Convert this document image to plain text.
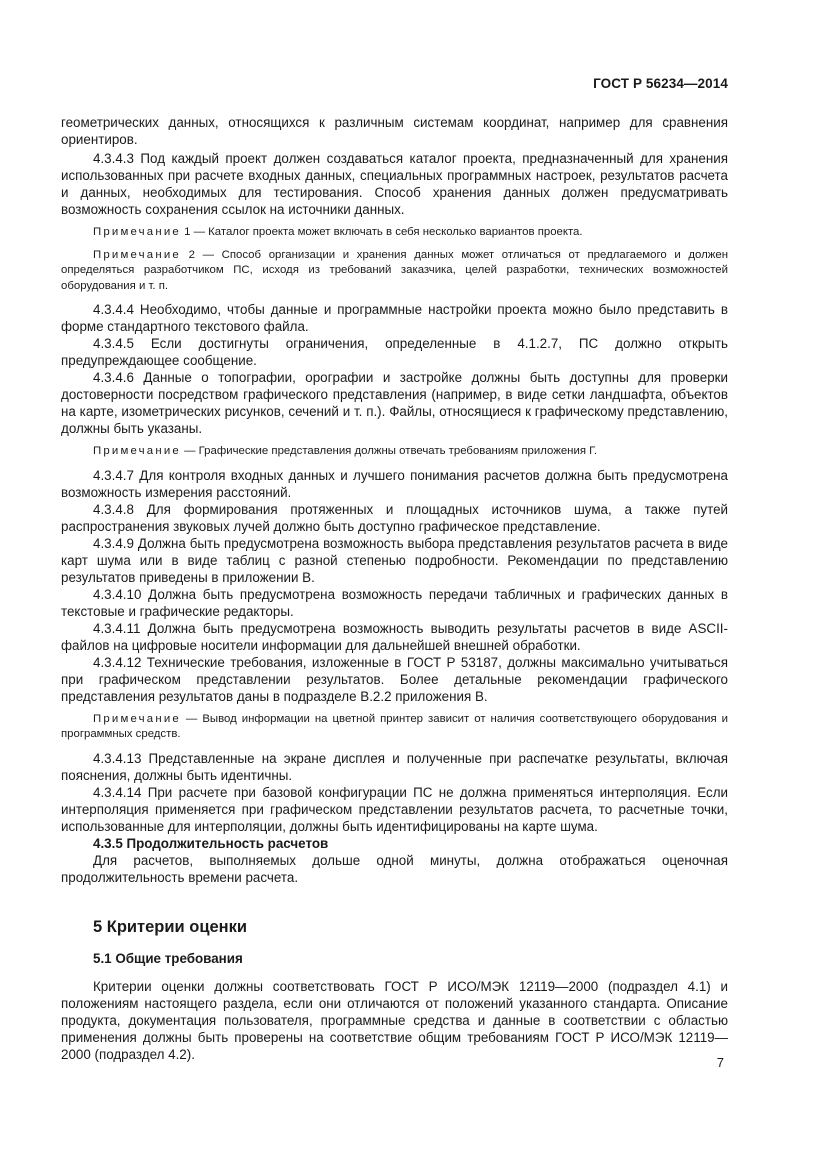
ГОСТ Р 56234—2014

геометрических данных, относящихся к различным системам координат, например для сравнения ориентиров.

4.3.4.3 Под каждый проект должен создаваться каталог проекта, предназначенный для хранения использованных при расчете входных данных, специальных программных настроек, результатов расчета и данных, необходимых для тестирования. Способ хранения данных должен предусматривать возможность сохранения ссылок на источники данных.

Примечание 1 — Каталог проекта может включать в себя несколько вариантов проекта.

Примечание 2 — Способ организации и хранения данных может отличаться от предлагаемого и должен определяться разработчиком ПС, исходя из требований заказчика, целей разработки, технических возможностей оборудования и т. п.

4.3.4.4 Необходимо, чтобы данные и программные настройки проекта можно было представить в форме стандартного текстового файла.

4.3.4.5 Если достигнуты ограничения, определенные в 4.1.2.7, ПС должно открыть предупреждающее сообщение.

4.3.4.6 Данные о топографии, орографии и застройке должны быть доступны для проверки достоверности посредством графического представления (например, в виде сетки ландшафта, объектов на карте, изометрических рисунков, сечений и т. п.). Файлы, относящиеся к графическому представлению, должны быть указаны.

Примечание — Графические представления должны отвечать требованиям приложения Г.

4.3.4.7 Для контроля входных данных и лучшего понимания расчетов должна быть предусмотрена возможность измерения расстояний.

4.3.4.8 Для формирования протяженных и площадных источников шума, а также путей распространения звуковых лучей должно быть доступно графическое представление.

4.3.4.9 Должна быть предусмотрена возможность выбора представления результатов расчета в виде карт шума или в виде таблиц с разной степенью подробности. Рекомендации по представлению результатов приведены в приложении В.

4.3.4.10 Должна быть предусмотрена возможность передачи табличных и графических данных в текстовые и графические редакторы.

4.3.4.11 Должна быть предусмотрена возможность выводить результаты расчетов в виде ASCII-файлов на цифровые носители информации для дальнейшей внешней обработки.

4.3.4.12 Технические требования, изложенные в ГОСТ Р 53187, должны максимально учитываться при графическом представлении результатов. Более детальные рекомендации графического представления результатов даны в подразделе В.2.2 приложения В.

Примечание — Вывод информации на цветной принтер зависит от наличия соответствующего оборудования и программных средств.

4.3.4.13 Представленные на экране дисплея и полученные при распечатке результаты, включая пояснения, должны быть идентичны.

4.3.4.14 При расчете при базовой конфигурации ПС не должна применяться интерполяция. Если интерполяция применяется при графическом представлении результатов расчета, то расчетные точки, использованные для интерполяции, должны быть идентифицированы на карте шума.

4.3.5 Продолжительность расчетов

Для расчетов, выполняемых дольше одной минуты, должна отображаться оценочная продолжительность времени расчета.

5 Критерии оценки

5.1 Общие требования

Критерии оценки должны соответствовать ГОСТ Р ИСО/МЭК 12119—2000 (подраздел 4.1) и положениям настоящего раздела, если они отличаются от положений указанного стандарта. Описание продукта, документация пользователя, программные средства и данные в соответствии с областью применения должны быть проверены на соответствие общим требованиям ГОСТ Р ИСО/МЭК 12119—2000 (подраздел 4.2).

7
